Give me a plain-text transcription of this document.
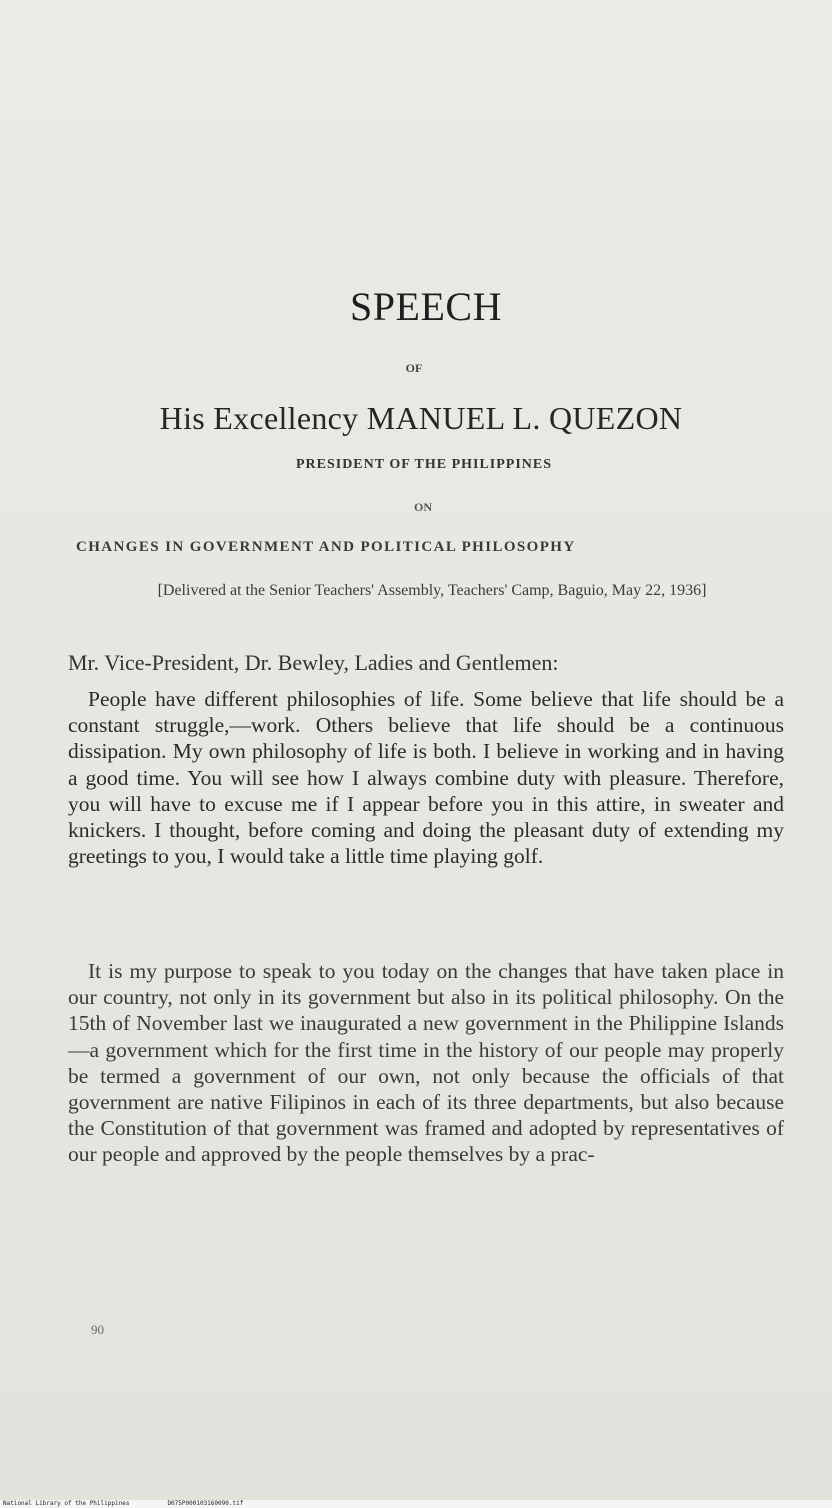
SPEECH
OF
His Excellency MANUEL L. QUEZON
PRESIDENT OF THE PHILIPPINES
ON
CHANGES IN GOVERNMENT AND POLITICAL PHILOSOPHY
[Delivered at the Senior Teachers' Assembly, Teachers' Camp, Baguio, May 22, 1936]
Mr. Vice-President, Dr. Bewley, Ladies and Gentlemen:

People have different philosophies of life. Some believe that life should be a constant struggle,—work. Others believe that life should be a continuous dissipation. My own philosophy of life is both. I believe in working and in having a good time. You will see how I always combine duty with pleasure. Therefore, you will have to excuse me if I appear before you in this attire, in sweater and knickers. I thought, before coming and doing the pleasant duty of extending my greetings to you, I would take a little time playing golf.

It is my purpose to speak to you today on the changes that have taken place in our country, not only in its government but also in its political philosophy. On the 15th of November last we inaugurated a new government in the Philippine Islands—a government which for the first time in the history of our people may properly be termed a government of our own, not only because the officials of that government are native Filipinos in each of its three departments, but also because the Constitution of that government was framed and adopted by representatives of our people and approved by the people themselves by a prac-

90
National Library of the Philippines	D075P000103160090.tif
